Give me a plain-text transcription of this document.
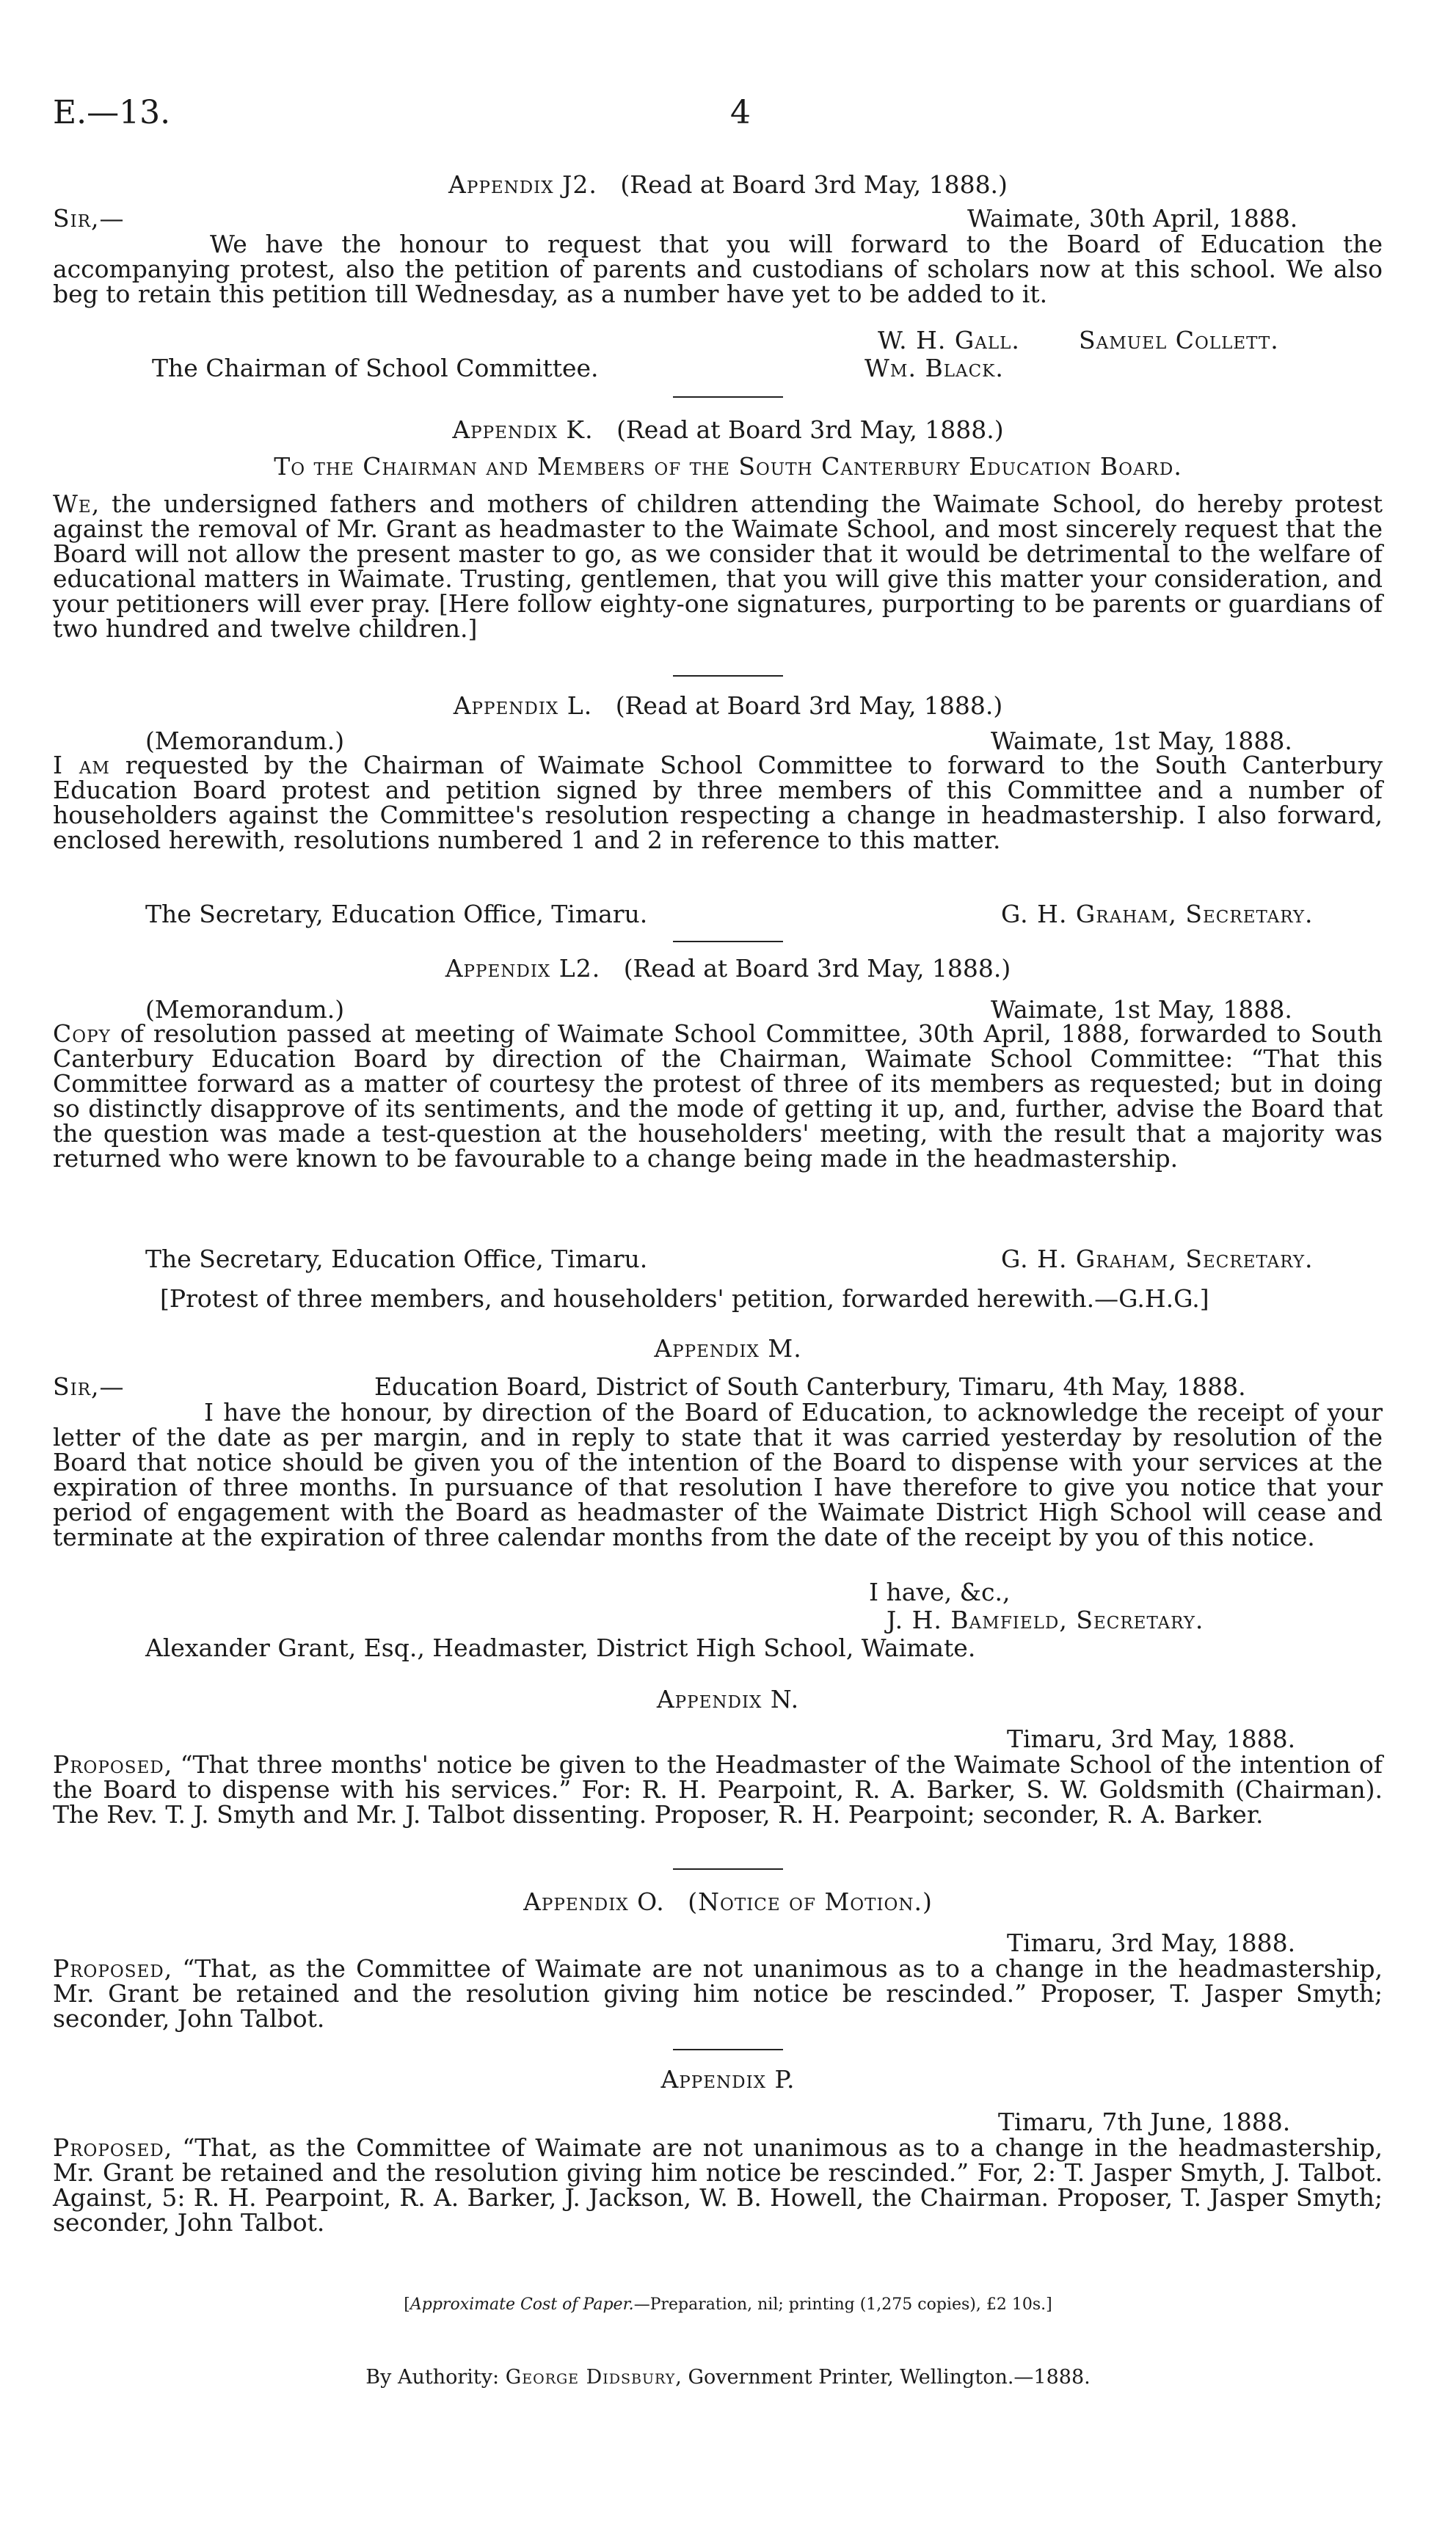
E.—13.	4
Appendix J2. (Read at Board 3rd May, 1888.)
Sir,—	Waimate, 30th April, 1888.
We have the honour to request that you will forward to the Board of Education the accompanying protest, also the petition of parents and custodians of scholars now at this school. We also beg to retain this petition till Wednesday, as a number have yet to be added to it.
W. H. Gall. Samuel Collett.
The Chairman of School Committee.	Wm. Black.
Appendix K. (Read at Board 3rd May, 1888.)
To the Chairman and Members of the South Canterbury Education Board.
We, the undersigned fathers and mothers of children attending the Waimate School, do hereby protest against the removal of Mr. Grant as headmaster to the Waimate School, and most sincerely request that the Board will not allow the present master to go, as we consider that it would be detrimental to the welfare of educational matters in Waimate. Trusting, gentlemen, that you will give this matter your consideration, and your petitioners will ever pray. [Here follow eighty-one signatures, purporting to be parents or guardians of two hundred and twelve children.]
Appendix L. (Read at Board 3rd May, 1888.)
(Memorandum.)	Waimate, 1st May, 1888.
I am requested by the Chairman of Waimate School Committee to forward to the South Canterbury Education Board protest and petition signed by three members of this Committee and a number of householders against the Committee's resolution respecting a change in headmastership. I also forward, enclosed herewith, resolutions numbered 1 and 2 in reference to this matter.
The Secretary, Education Office, Timaru.	G. H. Graham, Secretary.
Appendix L2. (Read at Board 3rd May, 1888.)
(Memorandum.)	Waimate, 1st May, 1888.
Copy of resolution passed at meeting of Waimate School Committee, 30th April, 1888, forwarded to South Canterbury Education Board by direction of the Chairman, Waimate School Committee: “That this Committee forward as a matter of courtesy the protest of three of its members as requested; but in doing so distinctly disapprove of its sentiments, and the mode of getting it up, and, further, advise the Board that the question was made a test-question at the householders' meeting, with the result that a majority was returned who were known to be favourable to a change being made in the headmastership.
The Secretary, Education Office, Timaru.	G. H. Graham, Secretary.
[Protest of three members, and householders' petition, forwarded herewith.—G.H.G.]
Appendix M.
Sir,—	Education Board, District of South Canterbury, Timaru, 4th May, 1888.
I have the honour, by direction of the Board of Education, to acknowledge the receipt of your letter of the date as per margin, and in reply to state that it was carried yesterday by resolution of the Board that notice should be given you of the intention of the Board to dispense with your services at the expiration of three months. In pursuance of that resolution I have therefore to give you notice that your period of engagement with the Board as headmaster of the Waimate District High School will cease and terminate at the expiration of three calendar months from the date of the receipt by you of this notice.
I have, &c.,
J. H. Bamfield, Secretary.
Alexander Grant, Esq., Headmaster, District High School, Waimate.
Appendix N.
Timaru, 3rd May, 1888.
Proposed, “That three months' notice be given to the Headmaster of the Waimate School of the intention of the Board to dispense with his services.” For: R. H. Pearpoint, R. A. Barker, S. W. Goldsmith (Chairman). The Rev. T. J. Smyth and Mr. J. Talbot dissenting. Proposer, R. H. Pearpoint; seconder, R. A. Barker.
Appendix O. (Notice of Motion.)
Timaru, 3rd May, 1888.
Proposed, “That, as the Committee of Waimate are not unanimous as to a change in the headmastership, Mr. Grant be retained and the resolution giving him notice be rescinded.” Proposer, T. Jasper Smyth; seconder, John Talbot.
Appendix P.
Timaru, 7th June, 1888.
Proposed, “That, as the Committee of Waimate are not unanimous as to a change in the headmastership, Mr. Grant be retained and the resolution giving him notice be rescinded.” For, 2: T. Jasper Smyth, J. Talbot. Against, 5: R. H. Pearpoint, R. A. Barker, J. Jackson, W. B. Howell, the Chairman. Proposer, T. Jasper Smyth; seconder, John Talbot.
[Approximate Cost of Paper.—Preparation, nil; printing (1,275 copies), £2 10s.]
By Authority: George Didsbury, Government Printer, Wellington.—1888.
